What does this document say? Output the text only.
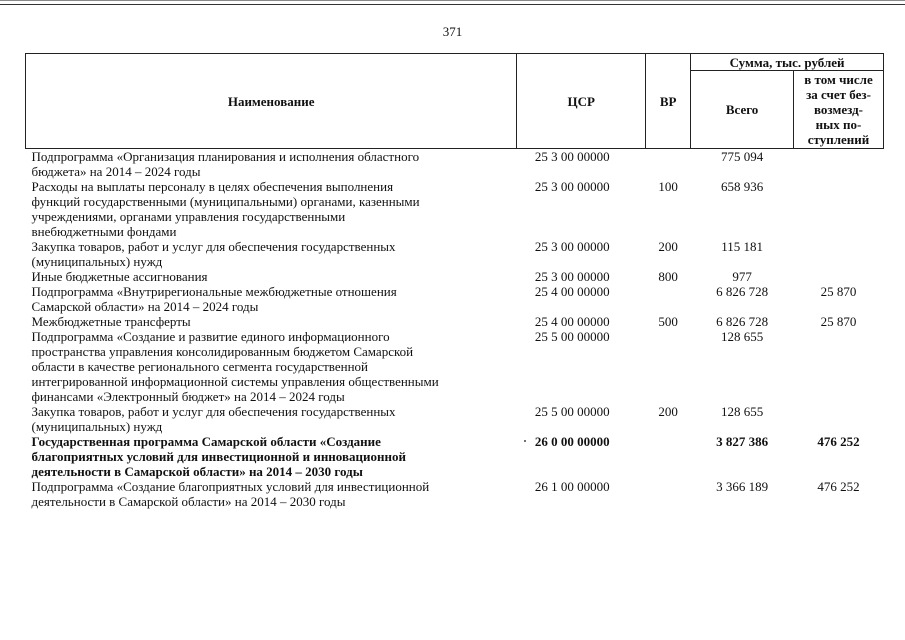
371
Наименование	ЦСР	ВР	Сумма, тыс. рублей	
			Всего	в том числе
за счет без-
возмезд-
ных по-
ступлений

Подпрограмма «Организация планирования и исполнения областного
бюджета» на 2014 – 2024 годы	25 3 00 00000		775 094	

Расходы на выплаты персоналу в целях обеспечения выполнения
функций государственными (муниципальными) органами, казенными
учреждениями, органами управления государственными
внебюджетными фондами	25 3 00 00000	100	658 936	

Закупка товаров, работ и услуг для обеспечения государственных
(муниципальных) нужд	25 3 00 00000	200	115 181	

Иные бюджетные ассигнования	25 3 00 00000	800	977	

Подпрограмма «Внутрирегиональные межбюджетные отношения
Самарской области» на 2014 – 2024 годы	25 4 00 00000		6 826 728	25 870

Межбюджетные трансферты	25 4 00 00000	500	6 826 728	25 870

Подпрограмма «Создание и развитие единого информационного
пространства управления консолидированным бюджетом Самарской
области в качестве регионального сегмента государственной
интегрированной информационной системы управления общественными
финансами «Электронный бюджет» на 2014 – 2024 годы	25 5 00 00000		128 655	

Закупка товаров, работ и услуг для обеспечения государственных
(муниципальных) нужд	25 5 00 00000	200	128 655	

Государственная программа Самарской области «Создание
благоприятных условий для инвестиционной и инновационной
деятельности в Самарской области» на 2014 – 2030 годы	26 0 00 00000		3 827 386	476 252

Подпрограмма «Создание благоприятных условий для инвестиционной
деятельности в Самарской области» на 2014 – 2030 годы	26 1 00 00000		3 366 189	476 252
